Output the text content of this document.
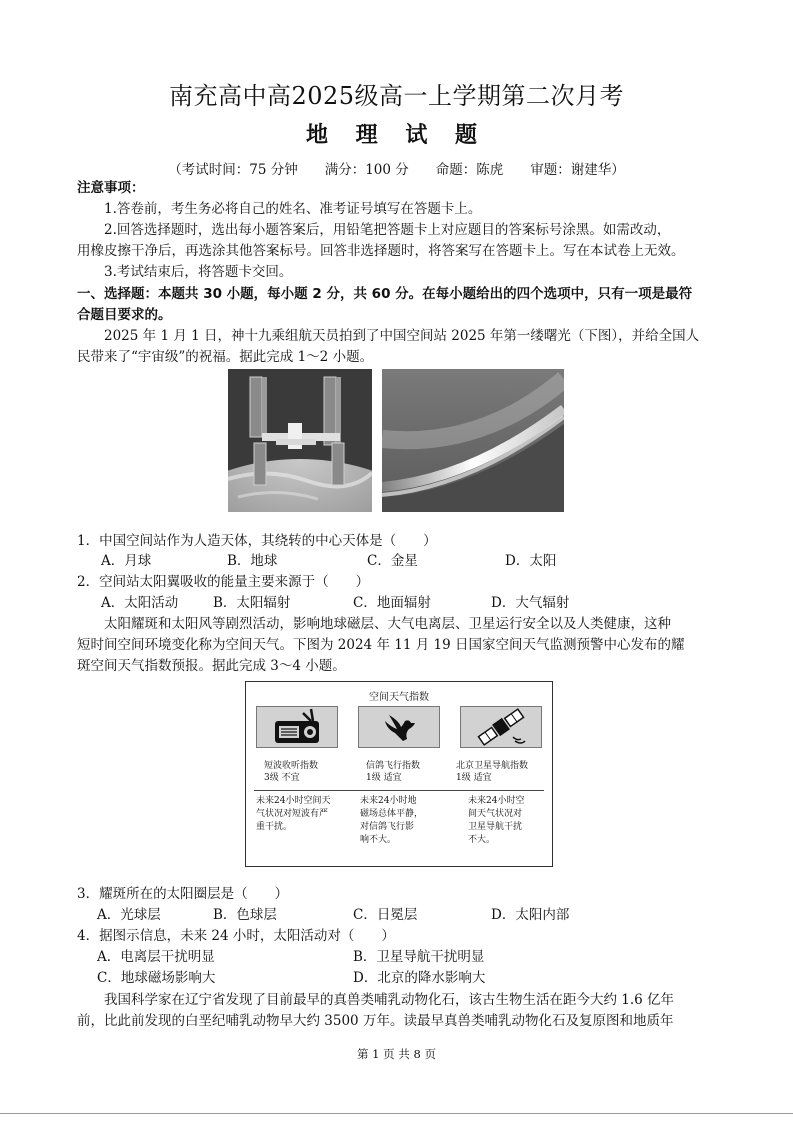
南充高中高2025级高一上学期第二次月考
地 理 试 题
（考试时间：75 分钟　　满分：100 分　　命题：陈虎　　审题：谢建华）
注意事项：
1.答卷前，考生务必将自己的姓名、准考证号填写在答题卡上。
2.回答选择题时，选出每小题答案后，用铅笔把答题卡上对应题目的答案标号涂黑。如需改动，
用橡皮擦干净后，再选涂其他答案标号。回答非选择题时，将答案写在答题卡上。写在本试卷上无效。
3.考试结束后，将答题卡交回。
一、选择题：本题共 30 小题，每小题 2 分，共 60 分。在每小题给出的四个选项中，只有一项是最符
合题目要求的。
2025 年 1 月 1 日，神十九乘组航天员拍到了中国空间站 2025 年第一缕曙光（下图），并给全国人
民带来了“宇宙级”的祝福。据此完成 1～2 小题。
1．中国空间站作为人造天体，其绕转的中心天体是（　　）
A．月球	B．地球	C．金星	D．太阳
2．空间站太阳翼吸收的能量主要来源于（　　）
A．太阳活动	B．太阳辐射	C．地面辐射	D．大气辐射
太阳耀斑和太阳风等剧烈活动，影响地球磁层、大气电离层、卫星运行安全以及人类健康，这种
短时间空间环境变化称为空间天气。下图为 2024 年 11 月 19 日国家空间天气监测预警中心发布的耀
斑空间天气指数预报。据此完成 3～4 小题。
空间天气指数
短波收听指数
3级 不宜
信鸽飞行指数
1级 适宜
北京卫星导航指数
1级 适宜
未来24小时空间天
气状况对短波有严
重干扰。
未来24小时地
磁场总体平静，
对信鸽飞行影
响不大。
未来24小时空
间天气状况对
卫星导航干扰
不大。
3．耀斑所在的太阳圈层是（　　）
A．光球层	B．色球层	C．日冕层	D．太阳内部
4．据图示信息，未来 24 小时，太阳活动对（　　）
A．电离层干扰明显	B．卫星导航干扰明显
C．地球磁场影响大	D．北京的降水影响大
我国科学家在辽宁省发现了目前最早的真兽类哺乳动物化石，该古生物生活在距今大约 1.6 亿年
前，比此前发现的白垩纪哺乳动物早大约 3500 万年。读最早真兽类哺乳动物化石及复原图和地质年
第 1 页 共 8 页
